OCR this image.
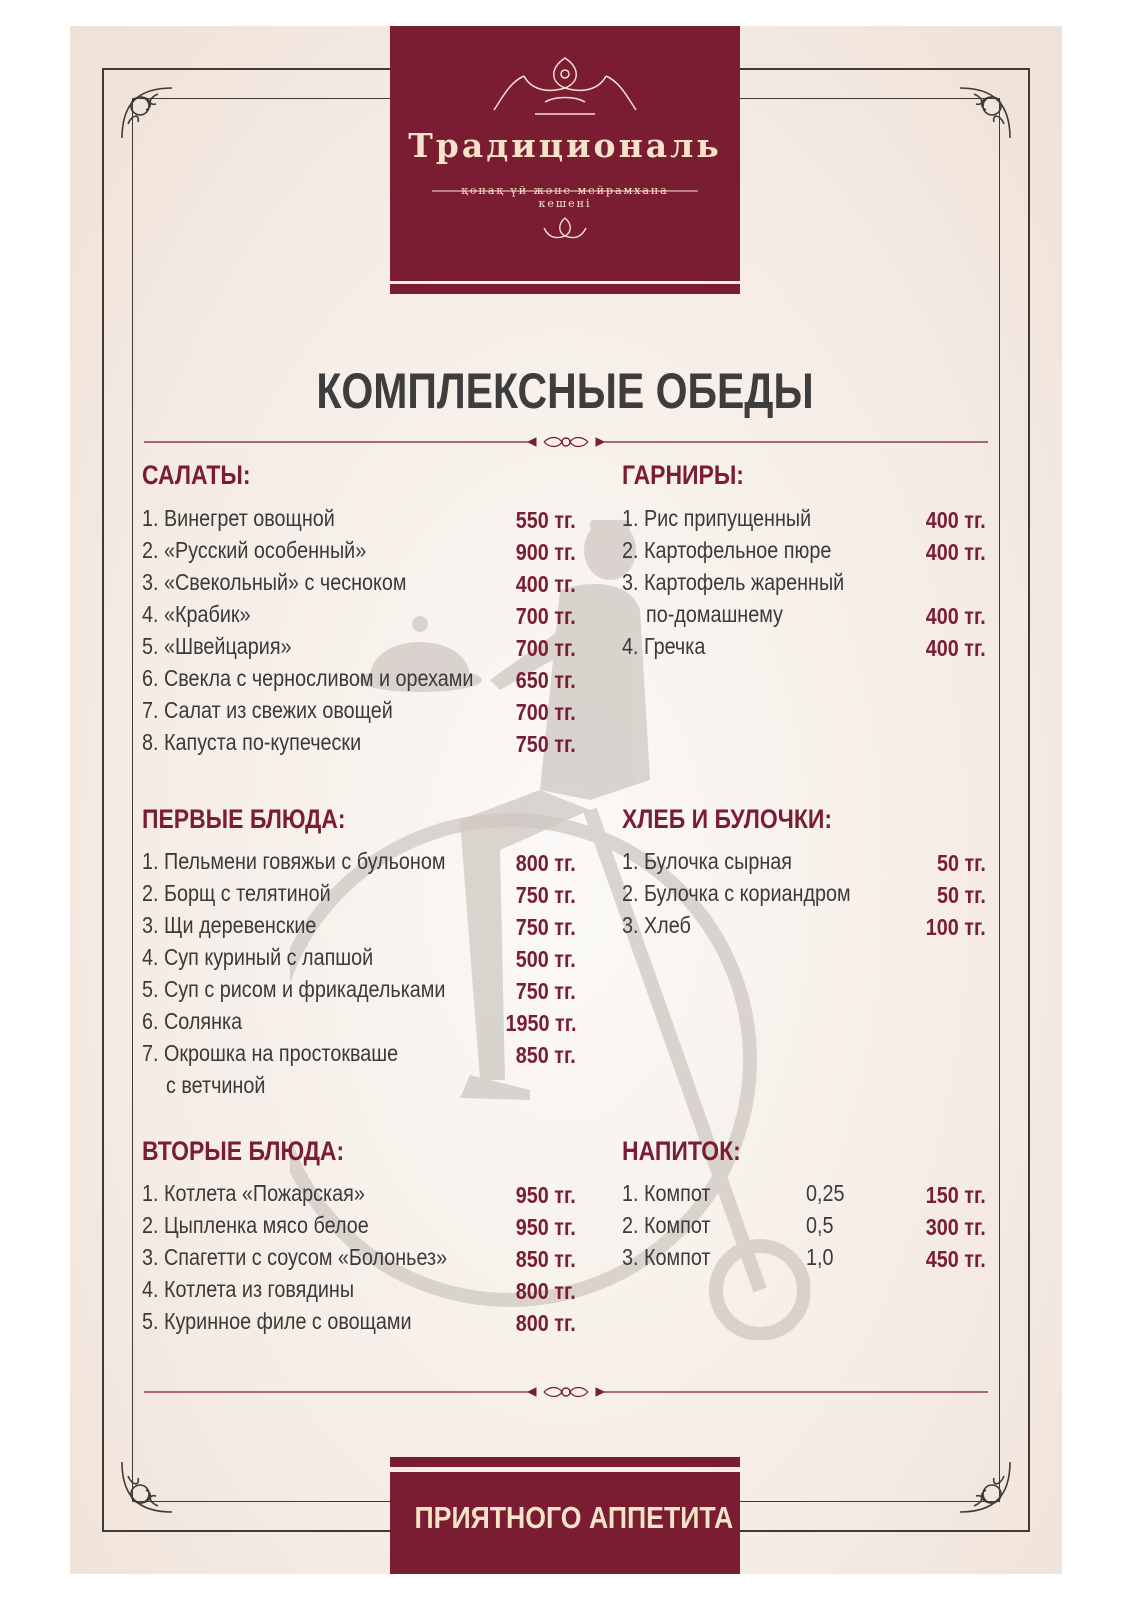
Традициональ
қонақ үй және мейрамхана
кешені
КОМПЛЕКСНЫЕ ОБЕДЫ
САЛАТЫ:
1. Винегрет овощной	550 тг.
2. «Русский особенный»	900 тг.
3. «Свекольный» с чесноком	400 тг.
4. «Крабик»	700 тг.
5. «Швейцария»	700 тг.
6. Свекла с черносливом и орехами 650 тг.
7. Салат из свежих овощей	700 тг.
8. Капуста по-купечески	750 тг.
ПЕРВЫЕ БЛЮДА:
1. Пельмени говяжьи с бульоном	800 тг.
2. Борщ с телятиной	750 тг.
3. Щи деревенские	750 тг.
4. Суп куриный с лапшой	500 тг.
5. Суп с рисом и фрикадельками	750 тг.
6. Солянка	1950 тг.
7. Окрошка на простокваше	850 тг.
с ветчиной
ВТОРЫЕ БЛЮДА:
1. Котлета «Пожарская»	950 тг.
2. Цыпленка мясо белое	950 тг.
3. Спагетти с соусом «Болоньез»	850 тг.
4. Котлета из говядины	800 тг.
5. Куринное филе с овощами	800 тг.
ГАРНИРЫ:
1. Рис припущенный	400 тг.
2. Картофельное пюре	400 тг.
3. Картофель жаренный
по-домашнему	400 тг.
4. Гречка	400 тг.
ХЛЕБ И БУЛОЧКИ:
1. Булочка сырная	50 тг.
2. Булочка с кориандром	50 тг.
3. Хлеб	100 тг.
НАПИТОК:
1. Компот	0,25	150 тг.
2. Компот	0,5	300 тг.
3. Компот	1,0	450 тг.
ПРИЯТНОГО АППЕТИТА
